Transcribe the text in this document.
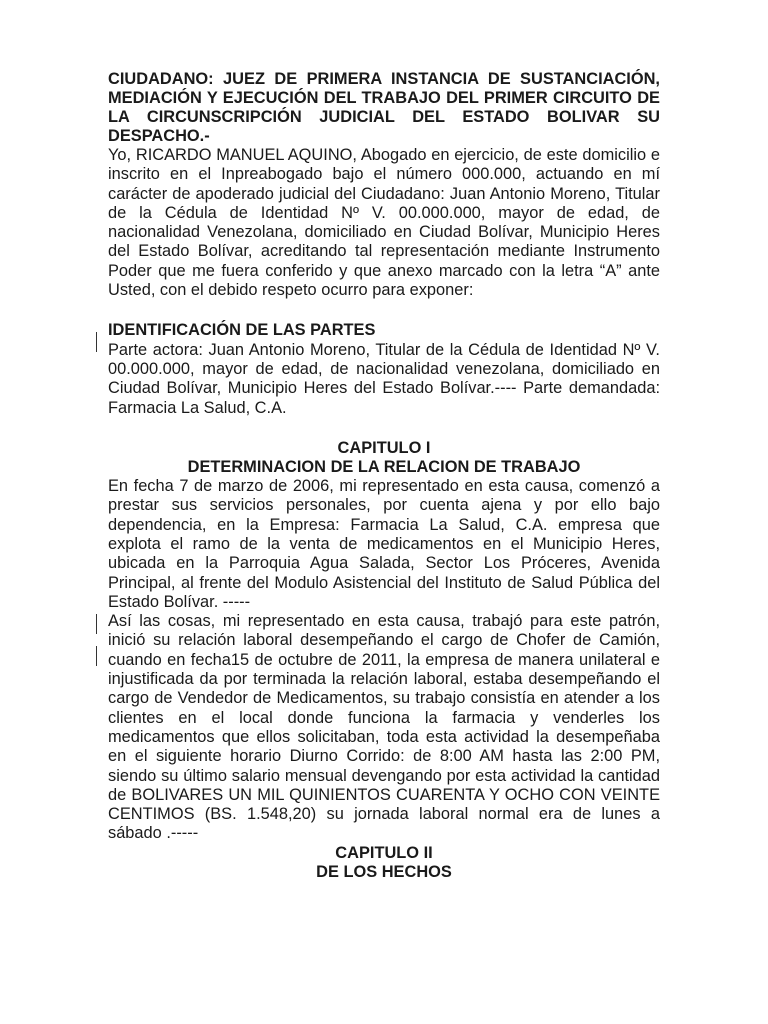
CIUDADANO: JUEZ DE PRIMERA INSTANCIA DE SUSTANCIACIÓN, MEDIACIÓN Y EJECUCIÓN DEL TRABAJO DEL PRIMER CIRCUITO DE LA CIRCUNSCRIPCIÓN JUDICIAL DEL ESTADO BOLIVAR SU DESPACHO.-

Yo, RICARDO MANUEL AQUINO, Abogado en ejercicio, de este domicilio e inscrito en el Inpreabogado bajo el número 000.000, actuando en mí carácter de apoderado judicial del Ciudadano: Juan Antonio Moreno, Titular de la Cédula de Identidad Nº V. 00.000.000, mayor de edad, de nacionalidad Venezolana, domiciliado en Ciudad Bolívar, Municipio Heres del Estado Bolívar, acreditando tal representación mediante Instrumento Poder que me fuera conferido y que anexo marcado con la letra “A” ante Usted, con el debido respeto ocurro para exponer:

IDENTIFICACIÓN DE LAS PARTES

Parte actora: Juan Antonio Moreno, Titular de la Cédula de Identidad Nº V. 00.000.000, mayor de edad, de nacionalidad venezolana, domiciliado en Ciudad Bolívar, Municipio Heres del Estado Bolívar.---- Parte demandada: Farmacia La Salud, C.A.

CAPITULO I

DETERMINACION DE LA RELACION DE TRABAJO

En fecha 7 de marzo de 2006, mi representado en esta causa, comenzó a prestar sus servicios personales, por cuenta ajena y por ello bajo dependencia, en la Empresa: Farmacia La Salud, C.A. empresa que explota el ramo de la venta de medicamentos en el Municipio Heres, ubicada en la Parroquia Agua Salada, Sector Los Próceres, Avenida Principal, al frente del Modulo Asistencial del Instituto de Salud Pública del Estado Bolívar. -----

Así las cosas, mi representado en esta causa, trabajó para este patrón, inició su relación laboral desempeñando el cargo de Chofer de Camión, cuando en fecha15 de octubre de 2011, la empresa de manera unilateral e injustificada da por terminada la relación laboral, estaba desempeñando el cargo de Vendedor de Medicamentos, su trabajo consistía en atender a los clientes en el local donde funciona la farmacia y venderles los medicamentos que ellos solicitaban, toda esta actividad la desempeñaba en el siguiente horario Diurno Corrido: de 8:00 AM hasta las 2:00 PM, siendo su último salario mensual devengando por esta actividad la cantidad de BOLIVARES UN MIL QUINIENTOS CUARENTA Y OCHO CON VEINTE CENTIMOS (BS. 1.548,20) su jornada laboral normal era de lunes a sábado .-----

CAPITULO II

DE LOS HECHOS
